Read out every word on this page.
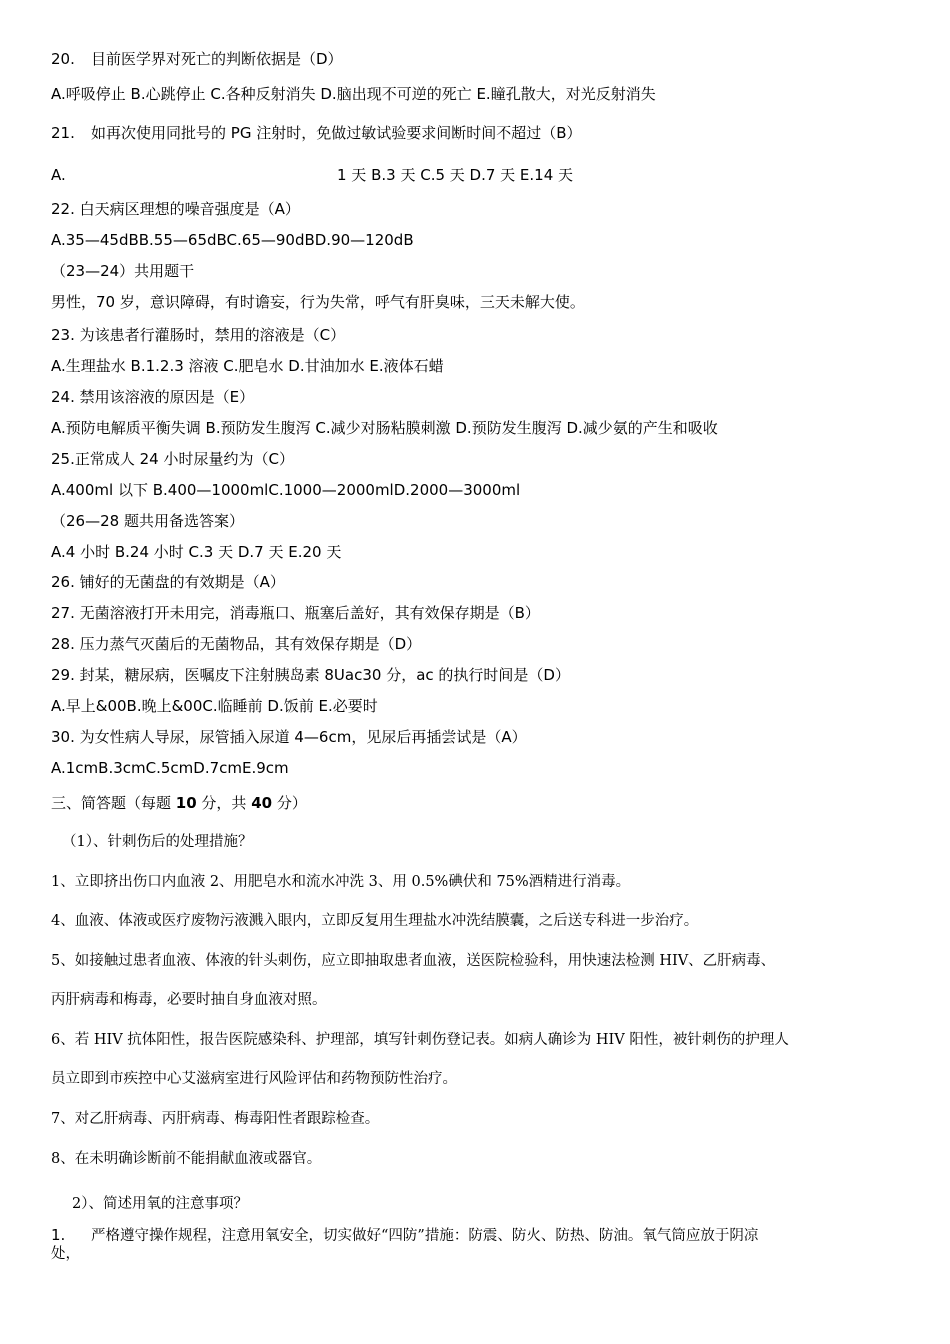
20. 目前医学界对死亡的判断依据是（D）
A.呼吸停止 B.心跳停止 C.各种反射消失 D.脑出现不可逆的死亡 E.瞳孔散大，对光反射消失
21. 如再次使用同批号的 PG 注射时，免做过敏试验要求间断时间不超过（B）
A.	1 天 B.3 天 C.5 天 D.7 天 E.14 天
22. 白天病区理想的噪音强度是（A）
A.35—45dBB.55—65dBC.65—90dBD.90—120dB
（23—24）共用题干
男性，70 岁，意识障碍，有时谵妄，行为失常，呼气有肝臭味，三天未解大使。
23. 为该患者行灌肠时，禁用的溶液是（C）
A.生理盐水 B.1.2.3 溶液 C.肥皂水 D.甘油加水 E.液体石蜡
24. 禁用该溶液的原因是（E）
A.预防电解质平衡失调 B.预防发生腹泻 C.减少对肠粘膜刺激 D.预防发生腹泻 D.减少氨的产生和吸收
25.正常成人 24 小时尿量约为（C）
A.400ml 以下 B.400—1000mlC.1000—2000mlD.2000—3000ml
（26—28 题共用备选答案）
A.4 小时 B.24 小时 C.3 天 D.7 天 E.20 天
26. 铺好的无菌盘的有效期是（A）
27. 无菌溶液打开未用完，消毒瓶口、瓶塞后盖好，其有效保存期是（B）
28. 压力蒸气灭菌后的无菌物品，其有效保存期是（D）
29. 封某，糖尿病，医嘱皮下注射胰岛素 8Uac30 分，ac 的执行时间是（D）
A.早上&00B.晚上&00C.临睡前 D.饭前 E.必要时
30. 为女性病人导尿，尿管插入尿道 4—6cm，见尿后再插尝试是（A）
A.1cmB.3cmC.5cmD.7cmE.9cm
三、简答题（每题 10 分，共 40 分）
（1）、针刺伤后的处理措施？
1、立即挤出伤口内血液 2、用肥皂水和流水冲洗 3、用 0.5%碘伏和 75%酒精进行消毒。
4、血液、体液或医疗废物污液溅入眼内，立即反复用生理盐水冲洗结膜囊，之后送专科进一步治疗。
5、如接触过患者血液、体液的针头刺伤，应立即抽取患者血液，送医院检验科，用快速法检测 HIV、乙肝病毒、
丙肝病毒和梅毒，必要时抽自身血液对照。
6、若 HIV 抗体阳性，报告医院感染科、护理部，填写针刺伤登记表。如病人确诊为 HIV 阳性，被针刺伤的护理人
员立即到市疾控中心艾滋病室进行风险评估和药物预防性治疗。
7、对乙肝病毒、丙肝病毒、梅毒阳性者跟踪检查。
8、在未明确诊断前不能捐献血液或器官。
2）、简述用氧的注意事项？
1. 严格遵守操作规程，注意用氧安全，切实做好“四防”措施：防震、防火、防热、防油。氧气筒应放于阴凉
处，
